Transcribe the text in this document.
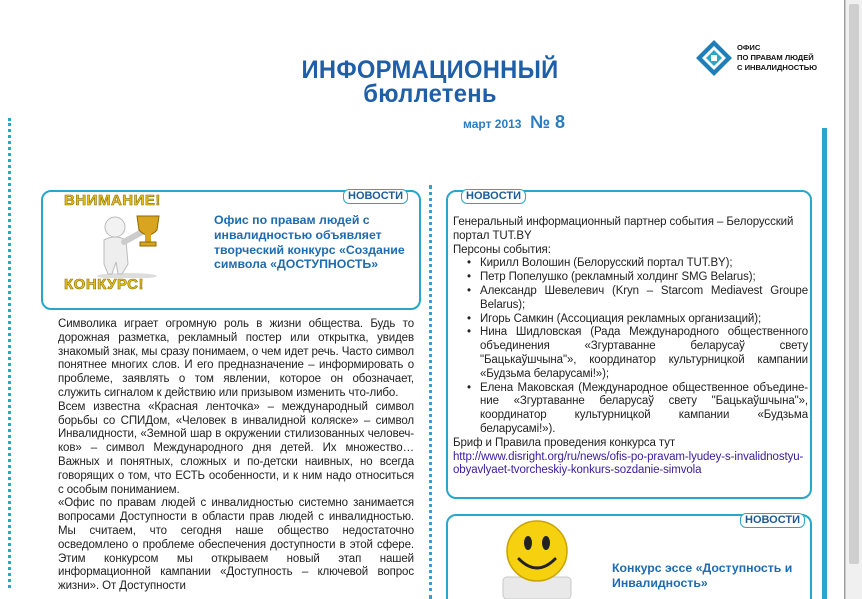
ИНФОРМАЦИОННЫЙ
бюллетень
март 2013 № 8
ОФИС
ПО ПРАВАМ ЛЮДЕЙ
С ИНВАЛИДНОСТЬЮ
НОВОСТИ
ВНИМАНИЕ!
КОНКУРС!
Офис по правам людей с инвалидностью объявляет творческий конкурс «Создание символа «ДОСТУПНОСТЬ»

Символика играет огромную роль в жизни общества. Будь то дорожная разметка, рекламный постер или открытка, увидев знакомый знак, мы сразу понимаем, о чем идет речь. Часто символ понятнее многих слов. И его предназначение – информировать о проблеме, заявлять о том явлении, которое он обозначает, служить сигналом к действию или призывом изменить что-либо.

Всем известна «Красная ленточка» – международный символ борьбы со СПИДом, «Человек в инвалидной коляске» – символ Инвалидности, «Земной шар в окружении стилизованных человеч-ков» – символ Международного дня детей. Их множество… Важных и понятных, сложных и по-детски наивных, но всегда говорящих о том, что ЕСТЬ особенности, и к ним надо относиться с особым пониманием.

«Офис по правам людей с инвалидностью системно занимается вопросами Доступности в области прав людей с инвалидностью. Мы считаем, что сегодня наше общество недостаточно осведомлено о проблеме обеспечения доступности в этой сфере. Этим конкурсом мы открываем новый этап нашей информационной кампании «Доступность – ключевой вопрос жизни». От Доступности

НОВОСТИ

Генеральный информационный партнер события – Белорусский портал TUT.BY

Персоны события:

• Кирилл Волошин (Белорусский портал TUT.BY);
• Петр Попелушко (рекламный холдинг SMG Belarus);
• Александр Шевелевич (Kryn – Starcom Mediavest Groupe Belarus);
• Игорь Самкин (Ассоциация рекламных организаций);
• Нина Шидловская (Рада Международного общественного объединения «Згуртаванне беларусаў свету "Бацькаўшчына"», координатор культурницкой кампании «Будзьма беларусамі!»);
• Елена Маковская (Международное общественное объедине-ние «Згуртаванне беларусаў свету "Бацькаўшчына"», координатор культурницкой кампании «Будзьма беларусамі!»).

Бриф и Правила проведения конкурса тут

http://www.disright.org/ru/news/ofis-po-pravam-lyudey-s-invalidnostyu-obyavlyaet-tvorcheskiy-konkurs-sozdanie-simvola
НОВОСТИ
Конкурс эссе «Доступность и Инвалидность»
